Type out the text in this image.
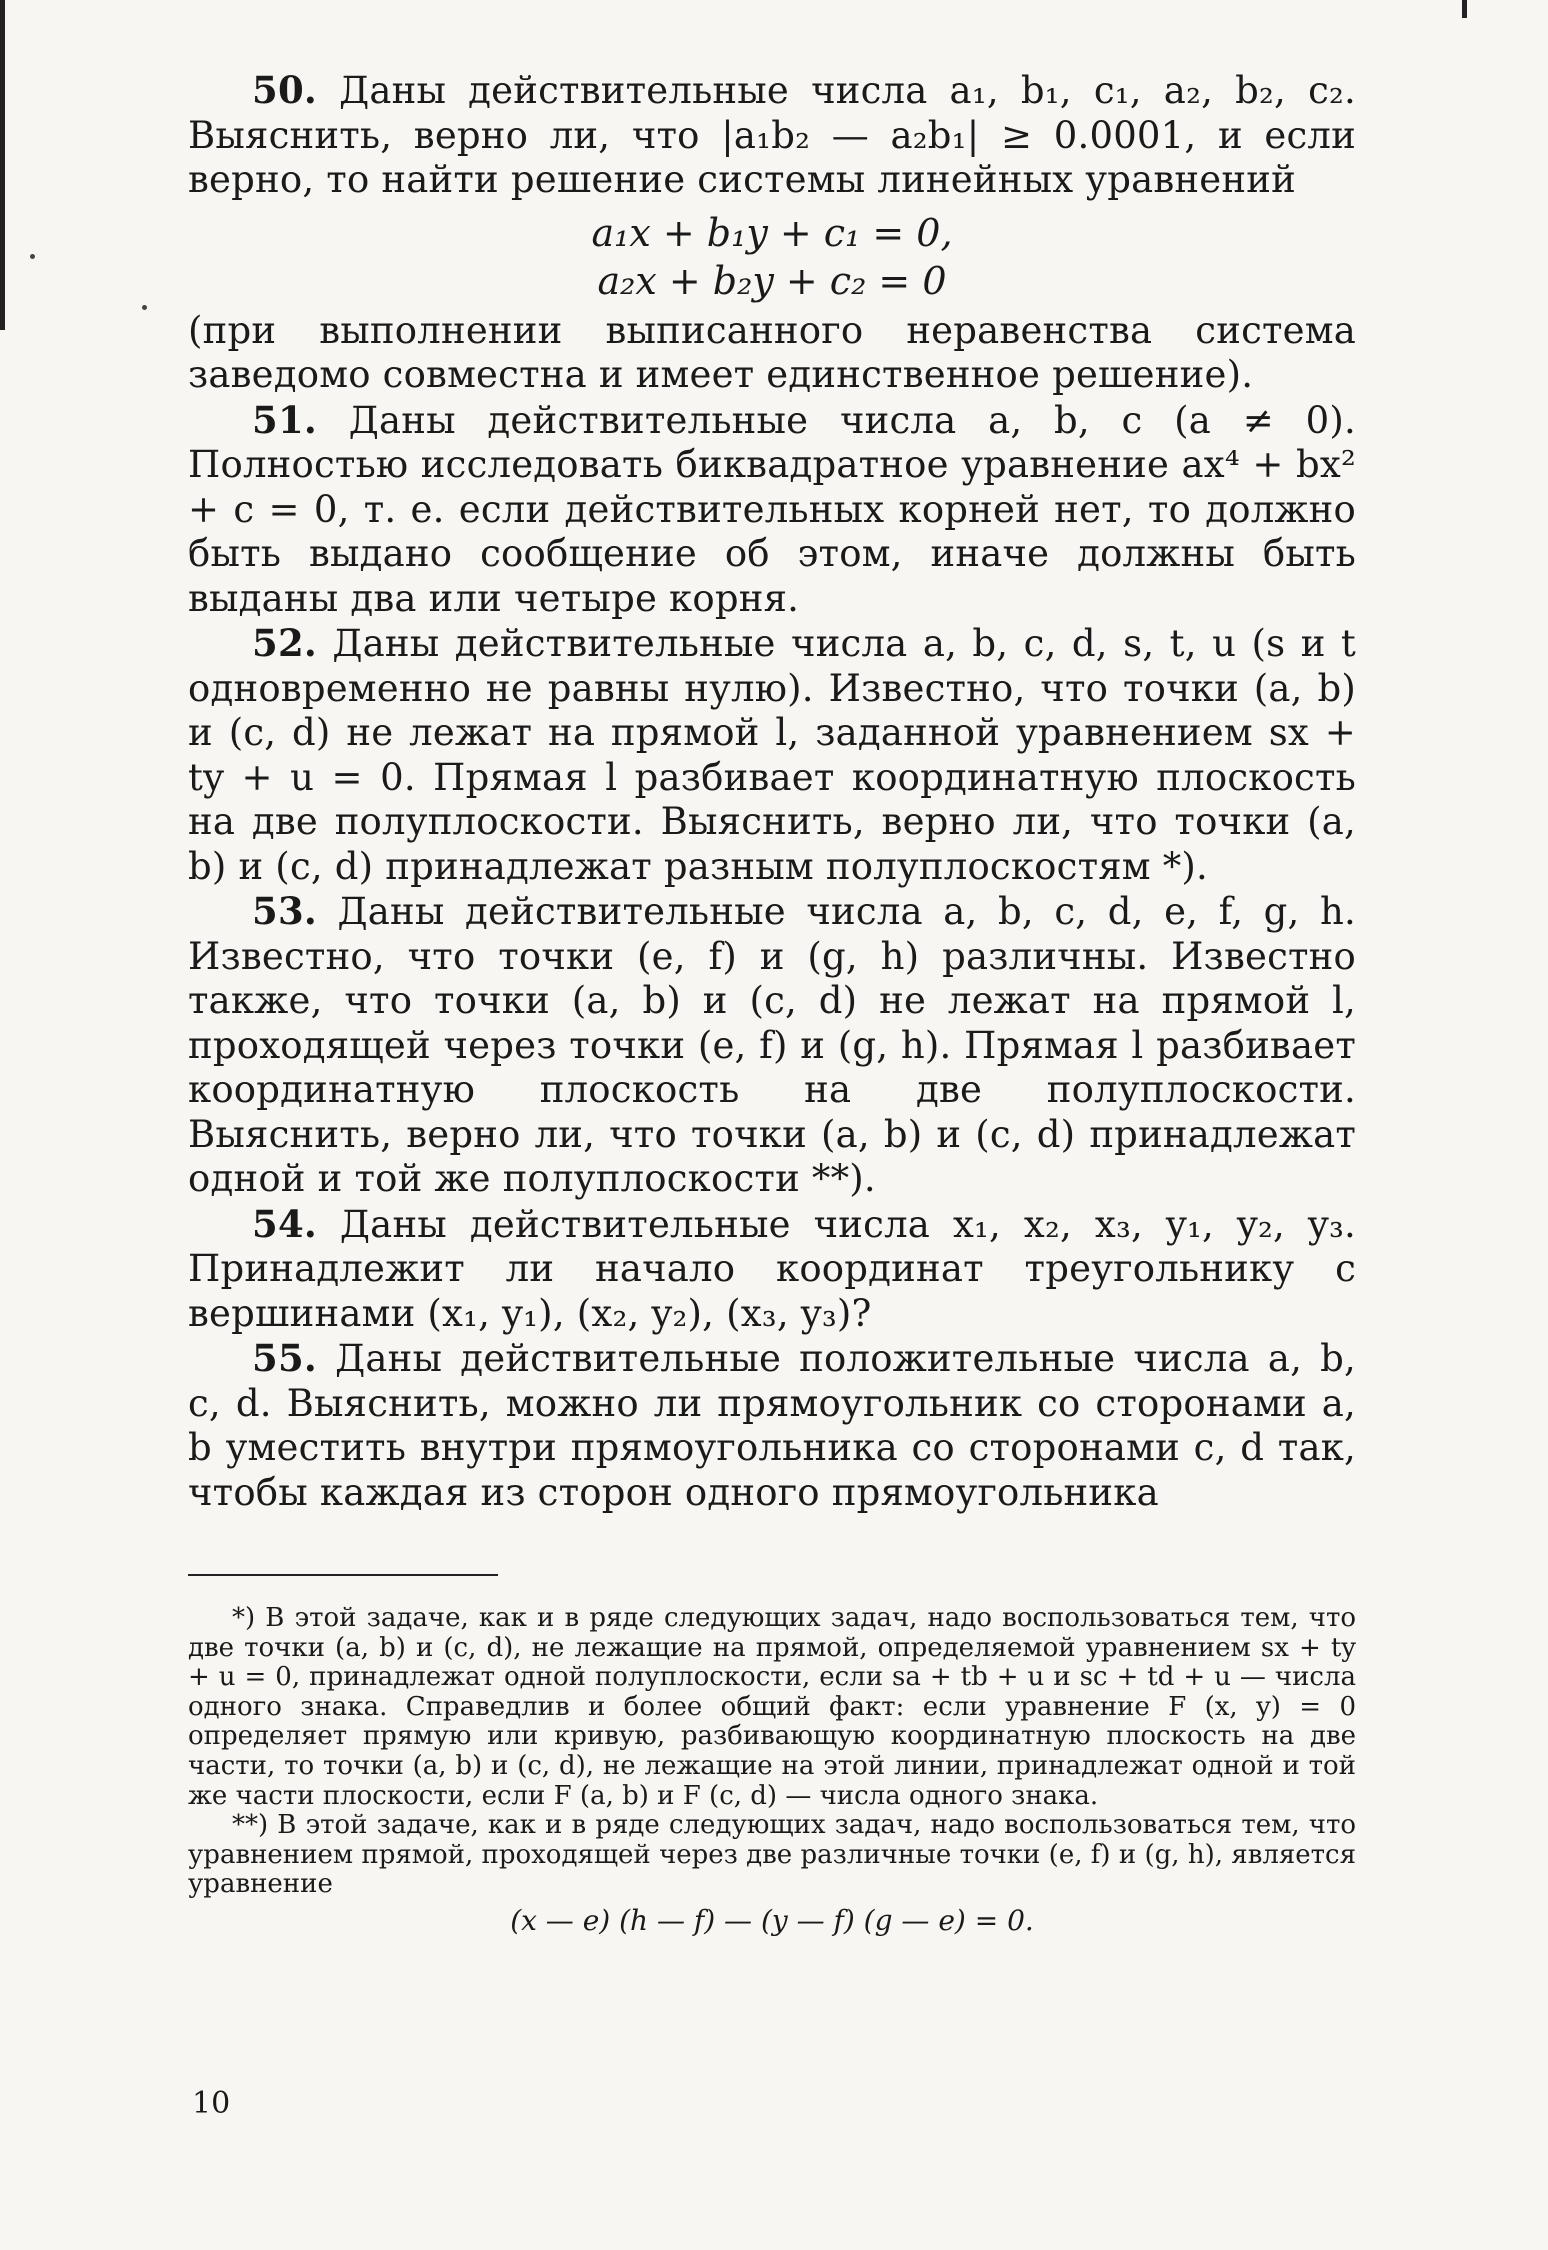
50. Даны действительные числа a₁, b₁, c₁, a₂, b₂, c₂. Выяснить, верно ли, что |a₁b₂ — a₂b₁| ≥ 0.0001, и если верно, то найти решение системы линейных уравнений

a₁x + b₁y + c₁ = 0,
a₂x + b₂y + c₂ = 0

(при выполнении выписанного неравенства система заведомо совместна и имеет единственное решение).

51. Даны действительные числа a, b, c (a ≠ 0). Полностью исследовать биквадратное уравнение ax⁴ + bx² + c = 0, т. е. если действительных корней нет, то должно быть выдано сообщение об этом, иначе должны быть выданы два или четыре корня.

52. Даны действительные числа a, b, c, d, s, t, u (s и t одновременно не равны нулю). Известно, что точки (a, b) и (c, d) не лежат на прямой l, заданной уравнением sx + ty + u = 0. Прямая l разбивает координатную плоскость на две полуплоскости. Выяснить, верно ли, что точки (a, b) и (c, d) принадлежат разным полуплоскостям *).

53. Даны действительные числа a, b, c, d, e, f, g, h. Известно, что точки (e, f) и (g, h) различны. Известно также, что точки (a, b) и (c, d) не лежат на прямой l, проходящей через точки (e, f) и (g, h). Прямая l разбивает координатную плоскость на две полуплоскости. Выяснить, верно ли, что точки (a, b) и (c, d) принадлежат одной и той же полуплоскости **).

54. Даны действительные числа x₁, x₂, x₃, y₁, y₂, y₃. Принадлежит ли начало координат треугольнику с вершинами (x₁, y₁), (x₂, y₂), (x₃, y₃)?

55. Даны действительные положительные числа a, b, c, d. Выяснить, можно ли прямоугольник со сторонами a, b уместить внутри прямоугольника со сторонами c, d так, чтобы каждая из сторон одного прямоугольника

*) В этой задаче, как и в ряде следующих задач, надо воспользоваться тем, что две точки (a, b) и (c, d), не лежащие на прямой, определяемой уравнением sx + ty + u = 0, принадлежат одной полуплоскости, если sa + tb + u и sc + td + u — числа одного знака. Справедлив и более общий факт: если уравнение F (x, y) = 0 определяет прямую или кривую, разбивающую координатную плоскость на две части, то точки (a, b) и (c, d), не лежащие на этой линии, принадлежат одной и той же части плоскости, если F (a, b) и F (c, d) — числа одного знака.

**) В этой задаче, как и в ряде следующих задач, надо воспользоваться тем, что уравнением прямой, проходящей через две различные точки (e, f) и (g, h), является уравнение

(x — e) (h — f) — (y — f) (g — e) = 0.
10
